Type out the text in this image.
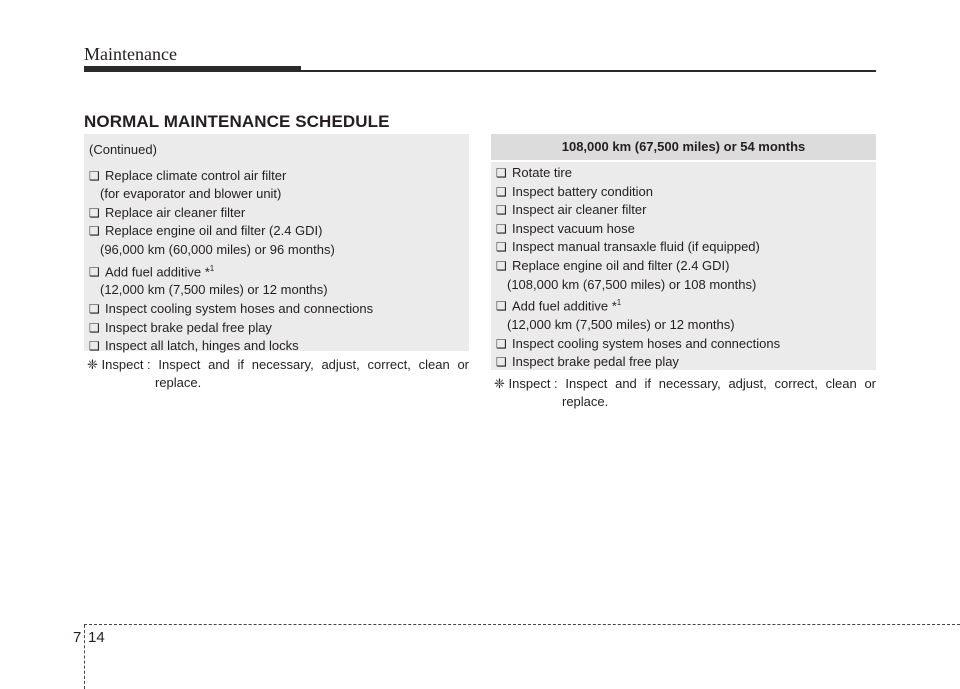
Maintenance
NORMAL MAINTENANCE SCHEDULE
(Continued)
❑ Replace climate control air filter
(for evaporator and blower unit)
❑ Replace air cleaner filter
❑ Replace engine oil and filter (2.4 GDI)
(96,000 km (60,000 miles) or 96 months)
❑ Add fuel additive *$^1$
(12,000 km (7,500 miles) or 12 months)
❑ Inspect cooling system hoses and connections
❑ Inspect brake pedal free play
❑ Inspect all latch, hinges and locks
❈ Inspect : Inspect and if necessary, adjust, correct, clean or
replace.
108,000 km (67,500 miles) or 54 months
❑ Rotate tire
❑ Inspect battery condition
❑ Inspect air cleaner filter
❑ Inspect vacuum hose
❑ Inspect manual transaxle fluid (if equipped)
❑ Replace engine oil and filter (2.4 GDI)
(108,000 km (67,500 miles) or 108 months)
❑ Add fuel additive *$^1$
(12,000 km (7,500 miles) or 12 months)
❑ Inspect cooling system hoses and connections
❑ Inspect brake pedal free play
❈ Inspect : Inspect and if necessary, adjust, correct, clean or
replace.
7 14
